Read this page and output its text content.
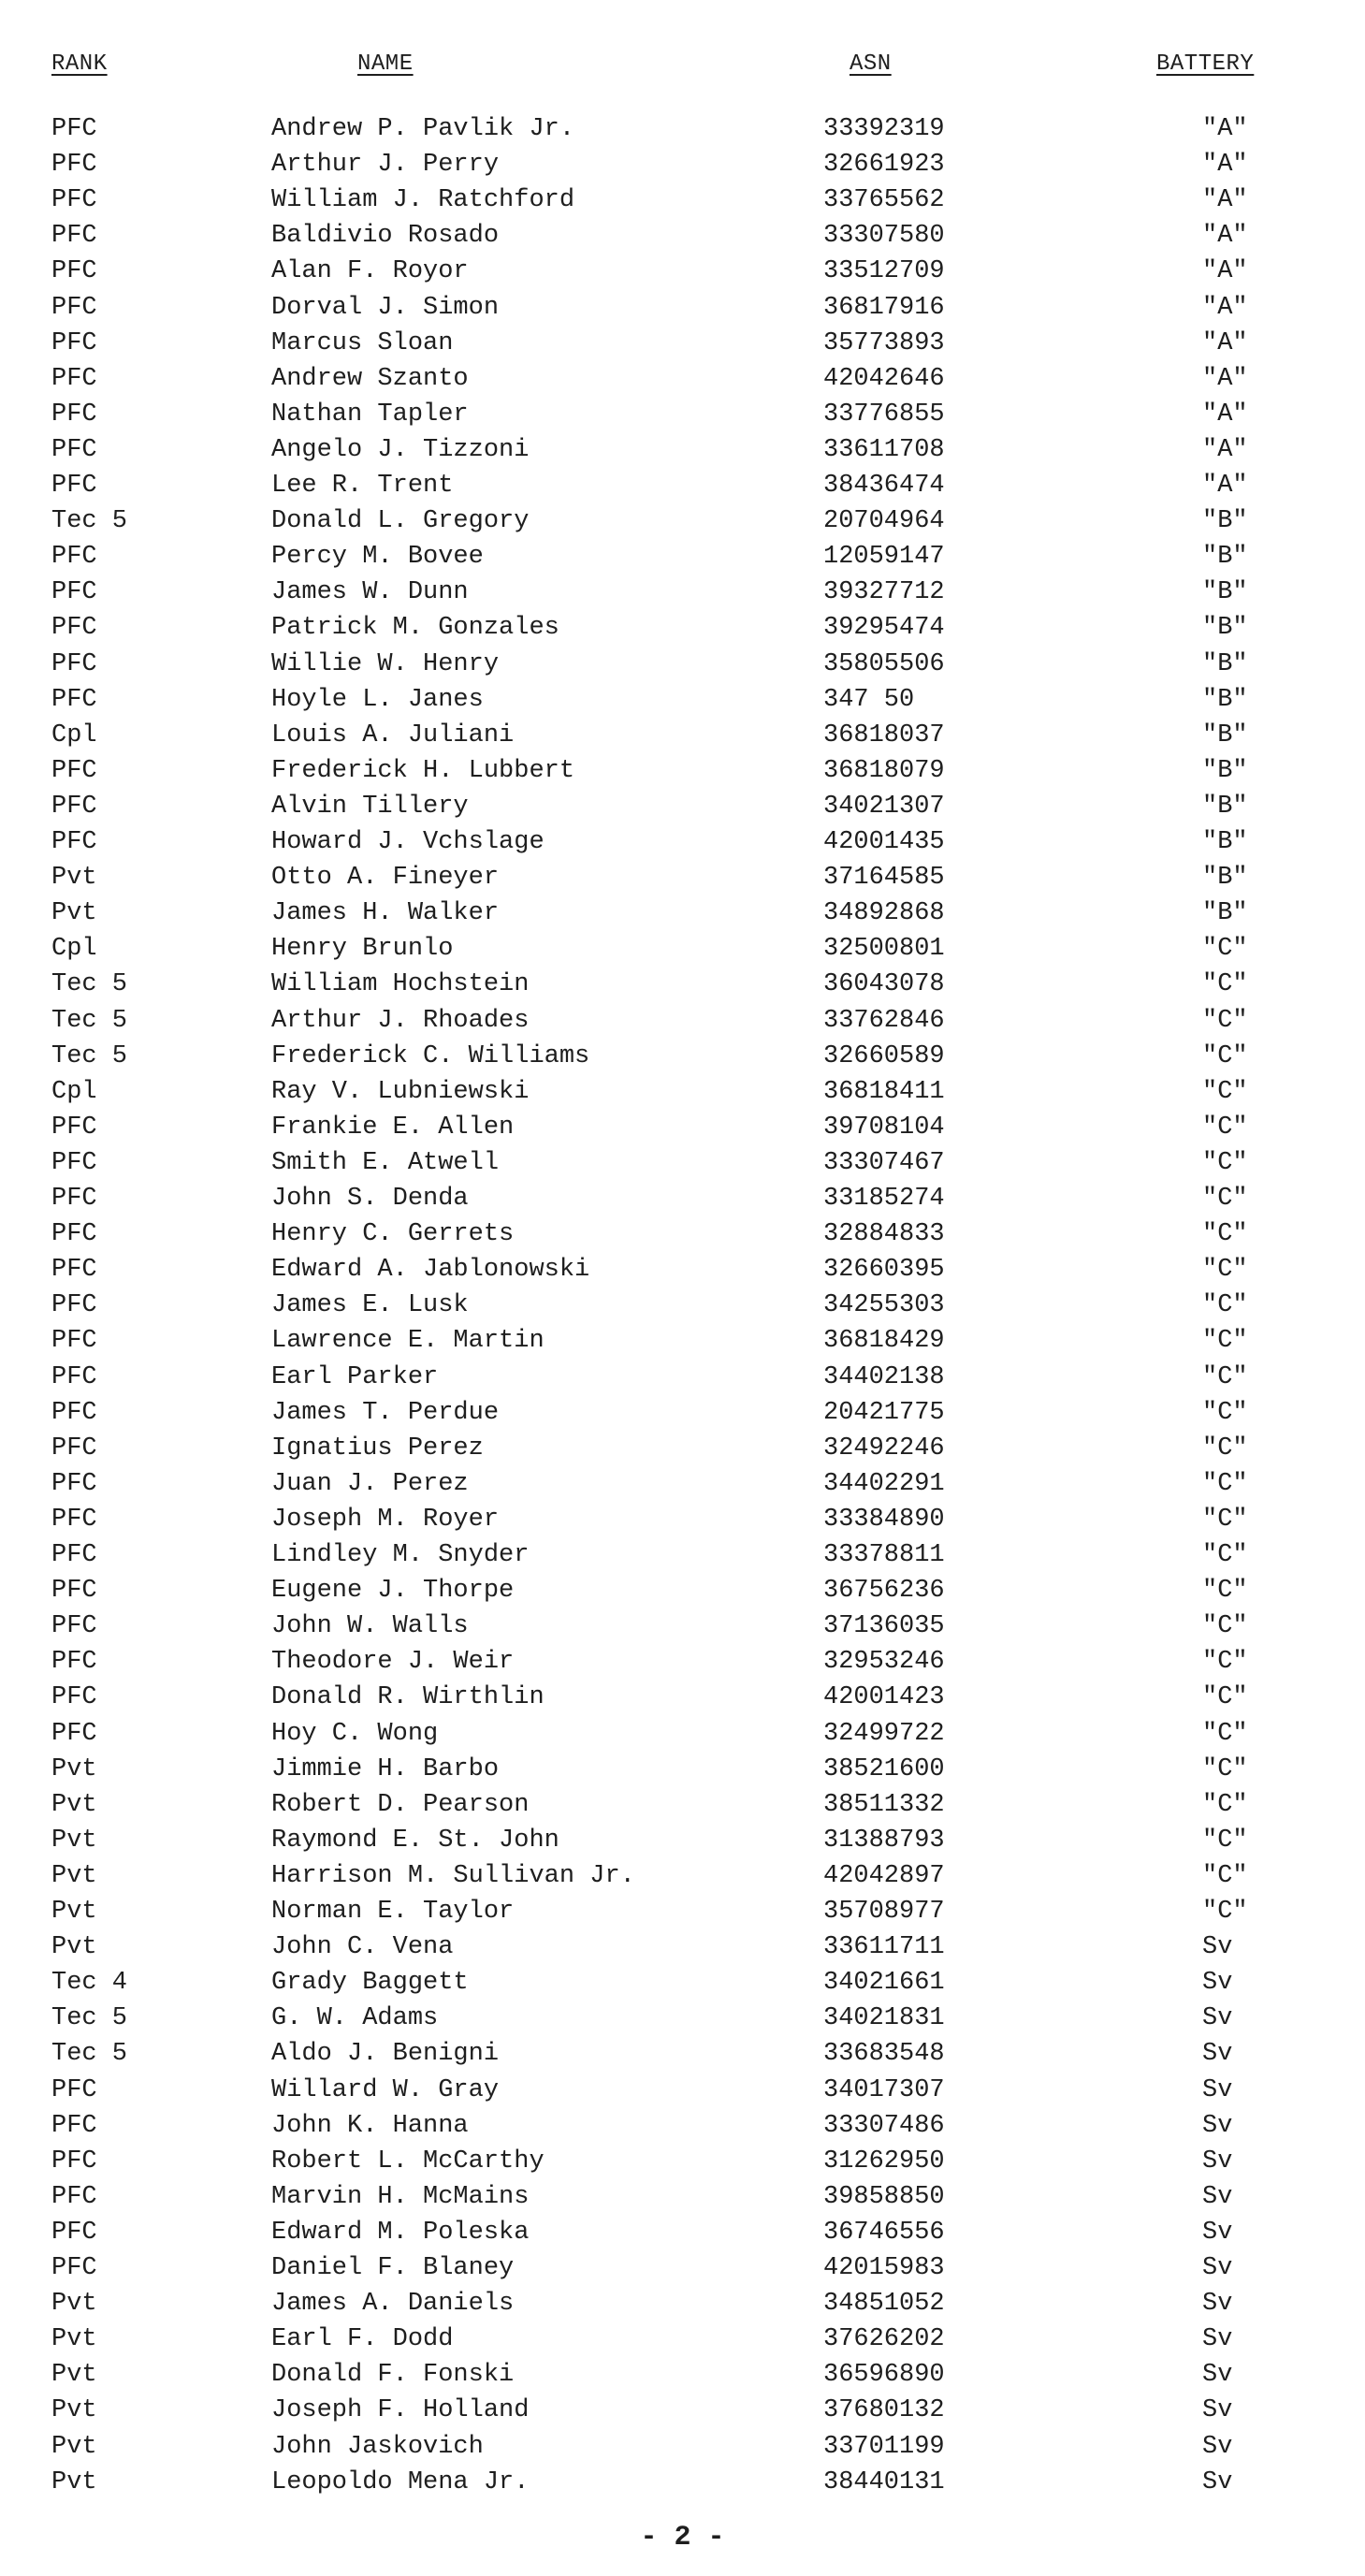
RANK	NAME	ASN	BATTERY
PFC	Andrew P. Pavlik Jr.	33392319	"A"
PFC	Arthur J. Perry	32661923	"A"
PFC	William J. Ratchford	33765562	"A"
PFC	Baldivio Rosado	33307580	"A"
PFC	Alan F. Royor	33512709	"A"
PFC	Dorval J. Simon	36817916	"A"
PFC	Marcus Sloan	35773893	"A"
PFC	Andrew Szanto	42042646	"A"
PFC	Nathan Tapler	33776855	"A"
PFC	Angelo J. Tizzoni	33611708	"A"
PFC	Lee R. Trent	38436474	"A"
Tec 5	Donald L. Gregory	20704964	"B"
PFC	Percy M. Bovee	12059147	"B"
PFC	James W. Dunn	39327712	"B"
PFC	Patrick M. Gonzales	39295474	"B"
PFC	Willie W. Henry	35805506	"B"
PFC	Hoyle L. Janes	347 50	"B"
Cpl	Louis A. Juliani	36818037	"B"
PFC	Frederick H. Lubbert	36818079	"B"
PFC	Alvin Tillery	34021307	"B"
PFC	Howard J. Vchslage	42001435	"B"
Pvt	Otto A. Fineyer	37164585	"B"
Pvt	James H. Walker	34892868	"B"
Cpl	Henry Brunlo	32500801	"C"
Tec 5	William Hochstein	36043078	"C"
Tec 5	Arthur J. Rhoades	33762846	"C"
Tec 5	Frederick C. Williams	32660589	"C"
Cpl	Ray V. Lubniewski	36818411	"C"
PFC	Frankie E. Allen	39708104	"C"
PFC	Smith E. Atwell	33307467	"C"
PFC	John S. Denda	33185274	"C"
PFC	Henry C. Gerrets	32884833	"C"
PFC	Edward A. Jablonowski	32660395	"C"
PFC	James E. Lusk	34255303	"C"
PFC	Lawrence E. Martin	36818429	"C"
PFC	Earl Parker	34402138	"C"
PFC	James T. Perdue	20421775	"C"
PFC	Ignatius Perez	32492246	"C"
PFC	Juan J. Perez	34402291	"C"
PFC	Joseph M. Royer	33384890	"C"
PFC	Lindley M. Snyder	33378811	"C"
PFC	Eugene J. Thorpe	36756236	"C"
PFC	John W. Walls	37136035	"C"
PFC	Theodore J. Weir	32953246	"C"
PFC	Donald R. Wirthlin	42001423	"C"
PFC	Hoy C. Wong	32499722	"C"
Pvt	Jimmie H. Barbo	38521600	"C"
Pvt	Robert D. Pearson	38511332	"C"
Pvt	Raymond E. St. John	31388793	"C"
Pvt	Harrison M. Sullivan Jr.	42042897	"C"
Pvt	Norman E. Taylor	35708977	"C"
Pvt	John C. Vena	33611711	Sv
Tec 4	Grady Baggett	34021661	Sv
Tec 5	G. W. Adams	34021831	Sv
Tec 5	Aldo J. Benigni	33683548	Sv
PFC	Willard W. Gray	34017307	Sv
PFC	John K. Hanna	33307486	Sv
PFC	Robert L. McCarthy	31262950	Sv
PFC	Marvin H. McMains	39858850	Sv
PFC	Edward M. Poleska	36746556	Sv
PFC	Daniel F. Blaney	42015983	Sv
Pvt	James A. Daniels	34851052	Sv
Pvt	Earl F. Dodd	37626202	Sv
Pvt	Donald F. Fonski	36596890	Sv
Pvt	Joseph F. Holland	37680132	Sv
Pvt	John Jaskovich	33701199	Sv
Pvt	Leopoldo Mena Jr.	38440131	Sv
- 2 -
